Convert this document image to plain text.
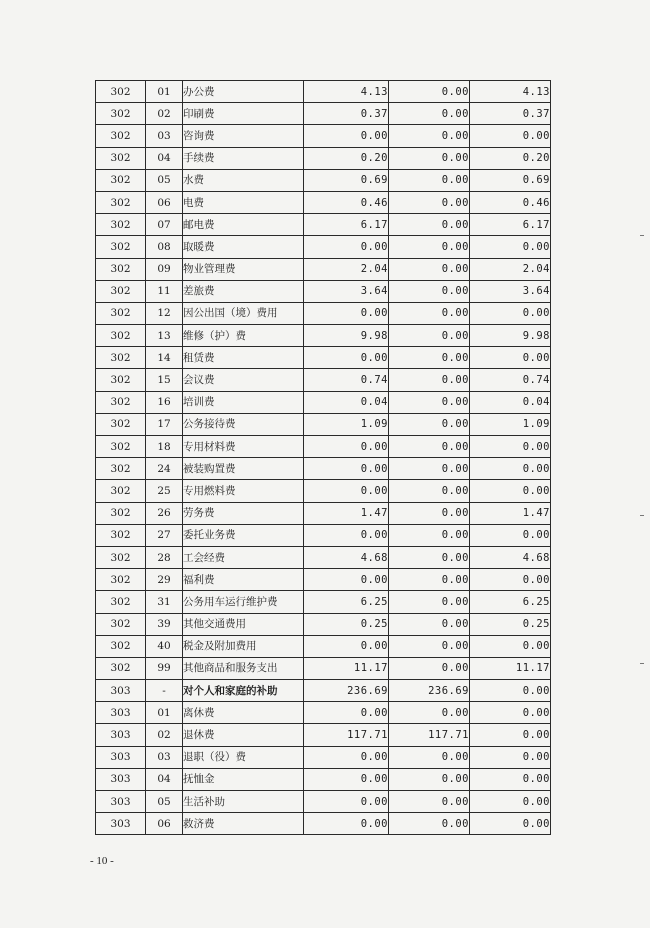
302	01	办公费	4.13	0.00	4.13
302	02	印刷费	0.37	0.00	0.37
302	03	咨询费	0.00	0.00	0.00
302	04	手续费	0.20	0.00	0.20
302	05	水费	0.69	0.00	0.69
302	06	电费	0.46	0.00	0.46
302	07	邮电费	6.17	0.00	6.17
302	08	取暖费	0.00	0.00	0.00
302	09	物业管理费	2.04	0.00	2.04
302	11	差旅费	3.64	0.00	3.64
302	12	因公出国（境）费用	0.00	0.00	0.00
302	13	维修（护）费	9.98	0.00	9.98
302	14	租赁费	0.00	0.00	0.00
302	15	会议费	0.74	0.00	0.74
302	16	培训费	0.04	0.00	0.04
302	17	公务接待费	1.09	0.00	1.09
302	18	专用材料费	0.00	0.00	0.00
302	24	被装购置费	0.00	0.00	0.00
302	25	专用燃料费	0.00	0.00	0.00
302	26	劳务费	1.47	0.00	1.47
302	27	委托业务费	0.00	0.00	0.00
302	28	工会经费	4.68	0.00	4.68
302	29	福利费	0.00	0.00	0.00
302	31	公务用车运行维护费	6.25	0.00	6.25
302	39	其他交通费用	0.25	0.00	0.25
302	40	税金及附加费用	0.00	0.00	0.00
302	99	其他商品和服务支出	11.17	0.00	11.17
303	-	对个人和家庭的补助	236.69	236.69	0.00
303	01	离休费	0.00	0.00	0.00
303	02	退休费	117.71	117.71	0.00
303	03	退职（役）费	0.00	0.00	0.00
303	04	抚恤金	0.00	0.00	0.00
303	05	生活补助	0.00	0.00	0.00
303	06	救济费	0.00	0.00	0.00
- 10 -
